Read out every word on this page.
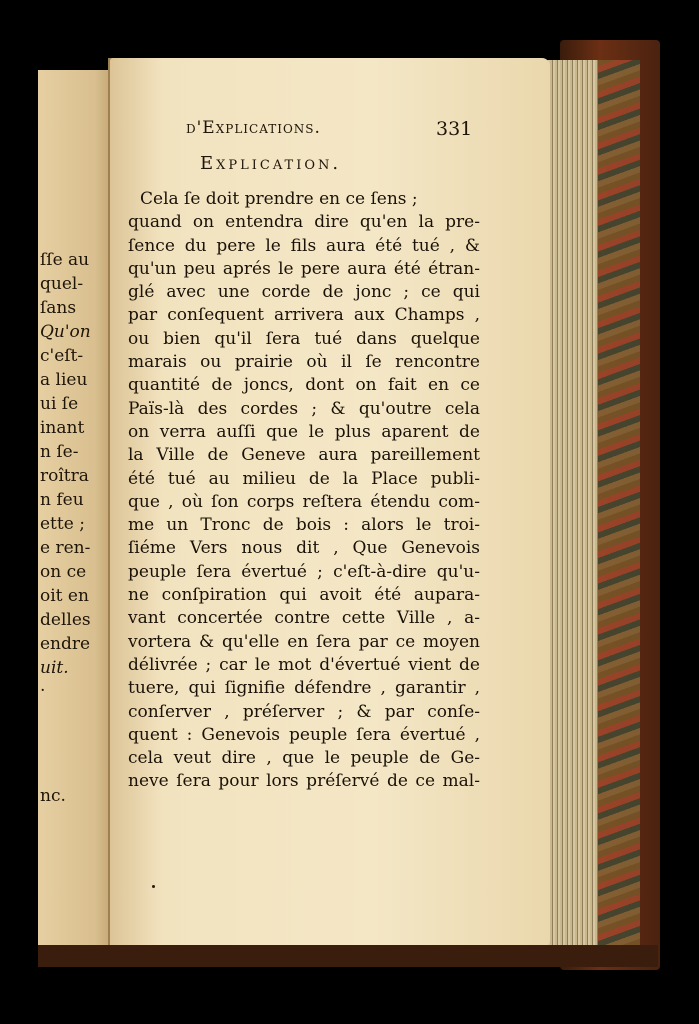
ſſe au
quel-
ſans
Qu'on
c'eſt-
a lieu
ui ſe
inant
n ſe-
roîtra
n feu
ette ;
e ren-
on ce
oit en
delles
endre
uit.
.
nc.
d'Explications.	331
Explication.
Cela ſe doit prendre en ce ſens ;
quand on entendra dire qu'en la pre-
ſence du pere le fils aura été tué , &
qu'un peu aprés le pere aura été étran-
glé avec une corde de jonc ; ce qui
par conſequent arrivera aux Champs ,
ou bien qu'il ſera tué dans quelque
marais ou prairie où il ſe rencontre
quantité de joncs, dont on fait en ce
Païs-là des cordes ; & qu'outre cela
on verra auſſi que le plus aparent de
la Ville de Geneve aura pareillement
été tué au milieu de la Place publi-
que , où ſon corps reſtera étendu com-
me un Tronc de bois : alors le troi-
ſiéme Vers nous dit , Que Genevois
peuple ſera évertué ; c'eſt-à-dire qu'u-
ne conſpiration qui avoit été aupara-
vant concertée contre cette Ville , a-
vortera & qu'elle en ſera par ce moyen
délivrée ; car le mot d'évertué vient de
tuere, qui ſignifie défendre , garantir ,
conſerver , préſerver ; & par conſe-
quent : Genevois peuple ſera évertué ,
cela veut dire , que le peuple de Ge-
neve ſera pour lors préſervé de ce mal-
